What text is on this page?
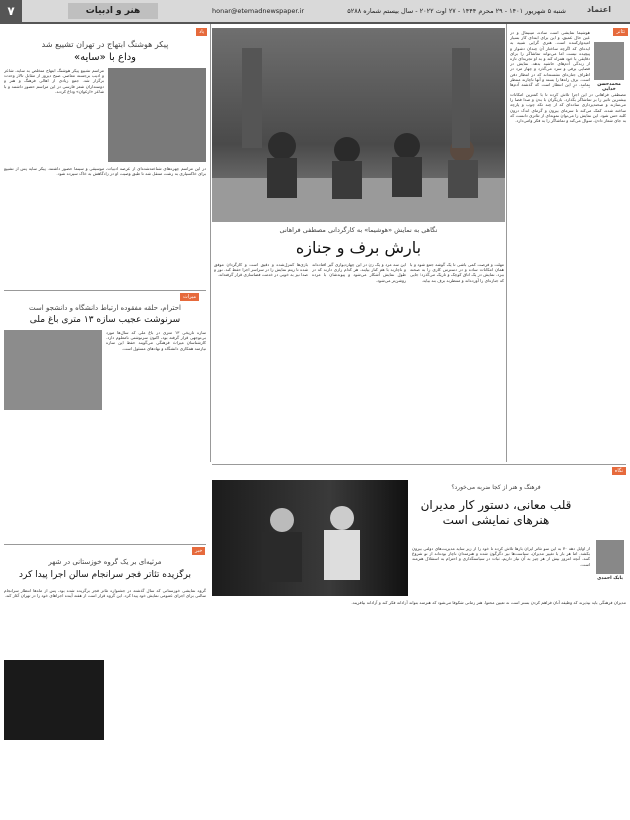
اعتماد
شنبه ۵ شهریور ۱۴۰۱ - ۲۹ محرم ۱۴۴۴ - ۲۷ اوت ۲۰۲۲ - سال بیستم شماره ۵۲۸۸
honar@etemadnewspaper.ir
هنر و ادبیات
۷
تئاتر
محمدحسن خدایی
هوشیما نمایشی است ساده، مینیمال و در عین حال عمیق، و این برای ابتدای کار بسیار امیدوارکننده است. هنری گرایی شبیه به ایده‌ای که اگرچه ساختار آن چندان دشوار و پیچیده نیست اما می‌تواند تماشاگر را برای دقایقی با خود همراه کند و به او تجربه‌ای تازه از زندگی آدم‌های حاشیه بدهد. نمایش در فضایی برفی و سرد می‌گذرد و چهار مرد در اطراف جنازه‌ای نشسته‌اند که در انتظار دفن است. برف راه‌ها را بسته و آنها ناچارند منتظر بمانند. در این انتظار است که گذشته آدم‌ها
مصطفی فراهانی در این اجرا تلاش کرده تا با کمترین امکانات بیشترین تاثیر را بر تماشاگر بگذارد. بازیگران با بدن و صدا فضا را می‌سازند و صحنه‌پردازی ساده‌ای که از چند تکه چوب و پارچه ساخته شده، کمک می‌کند تا سرمای بیرون و گرمای اندک درون کلبه حس شود. این نمایش را می‌توان نمونه‌ای از تئاتری دانست که به جای شعار دادن، سوال می‌کند و تماشاگر را به فکر وامی‌دارد.
نگاهی به نمایش «هوشیما» به کارگردانی مصطفی فراهانی
بارش برف و جنازه
مهلت و فرصت کمی باشی تا یک گوشه جمع شود و با همان امکانات ساده و در دسترس کاری را به صحنه ببرد. نمایش در یک اتاق کوچک و تاریک می‌گذرد؛ جایی که جنازه‌ای را آورده‌اند و منتظرند برف بند بیاید.
این سه مرد و یک زن در این چهاردیواری گیر افتاده‌اند و ناچارند با هم کنار بیایند. هر کدام رازی دارند که در طول نمایش آشکار می‌شود و پیوندشان با مرده روشن‌تر می‌شود.
بازی‌ها کنترل‌شده و دقیق است و کارگردان موفق شده تا ریتم نمایش را در سراسر اجرا حفظ کند. نور و صدا نیز به خوبی در خدمت فضاسازی قرار گرفته‌اند.
یاد
پیکر هوشنگ ابتهاج در تهران تشییع شد
وداع با «سایه»
مراسم تشییع پیکر هوشنگ ابتهاج متخلص به سایه، شاعر و ادیب برجسته معاصر، صبح دیروز از مقابل تالار وحدت برگزار شد. جمع زیادی از اهالی فرهنگ و هنر و دوستداران شعر فارسی در این مراسم حضور داشتند و با شاعر «ارغوان» وداع کردند.
در این مراسم چهره‌های شناخته‌شده‌ای از عرصه ادبیات، موسیقی و سینما حضور داشتند. پیکر سایه پس از تشییع برای خاکسپاری به رشت منتقل شد تا طبق وصیت او در زادگاهش به خاک سپرده شود.
میراث
احترام، حلقه مفقوده ارتباط دانشگاه و دانشجو است
سرنوشت عجیب سازه ۱۳ متری باغ ملی
سازه تاریخی ۱۳ متری در باغ ملی که سال‌ها مورد بی‌توجهی قرار گرفته بود، اکنون سرنوشتی نامعلوم دارد. کارشناسان میراث فرهنگی می‌گویند حفظ این سازه نیازمند همکاری دانشگاه و نهادهای مسئول است.
خبر
مرثیه‌ای بر یک گروه خوزستانی در شهر
برگزیده تئاتر فجر سرانجام سالن اجرا پیدا کرد
گروه نمایشی خوزستانی که سال گذشته در جشنواره تئاتر فجر برگزیده شده بود، پس از ماه‌ها انتظار سرانجام سالنی برای اجرای عمومی نمایش خود پیدا کرد. این گروه قرار است از هفته آینده اجراهای خود را در تهران آغاز کند.
نگاه
فرهنگ و هنر از کجا ضربه می‌خورد؟
قلب معانی، دستور کار مدیران هنرهای نمایشی است
بابک احمدی
از اوایل دهه ۷۰ به این سو تئاتر ایران بارها تلاش کرده تا خود را از زیر سایه مدیریت‌های دولتی بیرون بکشد. اما هر بار با تغییر مدیران، سیاست‌ها نیز دگرگون شده و هنرمندان ناچار بوده‌اند از نو شروع کنند. آنچه امروز بیش از هر چیز به آن نیاز داریم، ثبات در سیاستگذاری و احترام به استقلال هنرمند است.
مدیران فرهنگی باید بپذیرند که وظیفه آنان فراهم کردن بستر است نه تعیین محتوا. هنر زمانی شکوفا می‌شود که هنرمند بتواند آزادانه فکر کند و آزادانه بیافریند.
